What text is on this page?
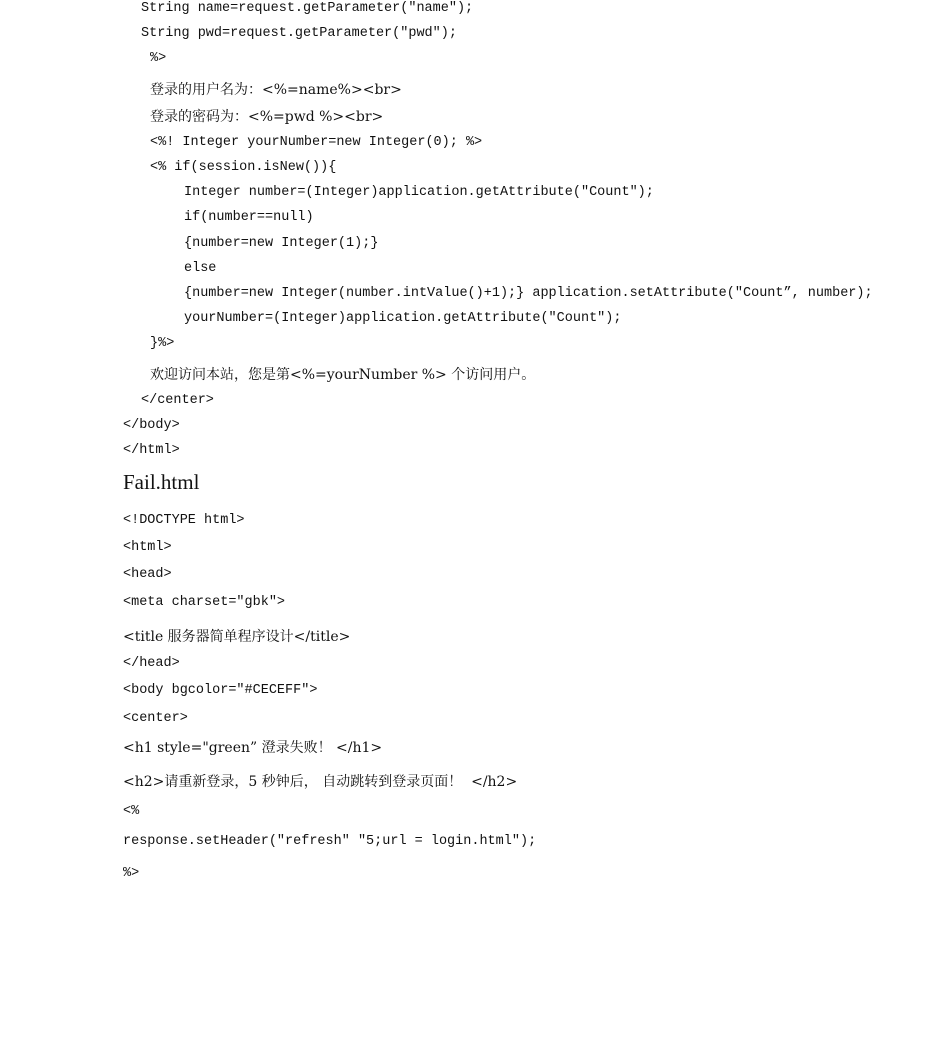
String name=request.getParameter("name");
String pwd=request.getParameter("pwd");
%>
登录的用户名为：<%=name%><br>
登录的密码为：<%=pwd %><br>
<%! Integer yourNumber=new Integer(0); %>
<% if(session.isNew()){
Integer number=(Integer)application.getAttribute("Count");
if(number==null)
{number=new Integer(1);}
else
{number=new Integer(number.intValue()+1);} application.setAttribute("Count”, number);
yourNumber=(Integer)application.getAttribute("Count");
}%>
欢迎访问本站，您是第<%=yourNumber %> 个访问用户。
</center>
</body>
</html>
Fail.html
<!DOCTYPE html>
<html>
<head>
<meta charset="gbk">
<title 服务器简单程序设计</title>
</head>
<body bgcolor="#CECEFF">
<center>
<h1 style="green” 澄录失败！ </h1>
<h2>请重新登录，5 秒钟后， 自动跳转到登录页面！  </h2>
<%
response.setHeader("refresh" "5;url = login.html");
%>
